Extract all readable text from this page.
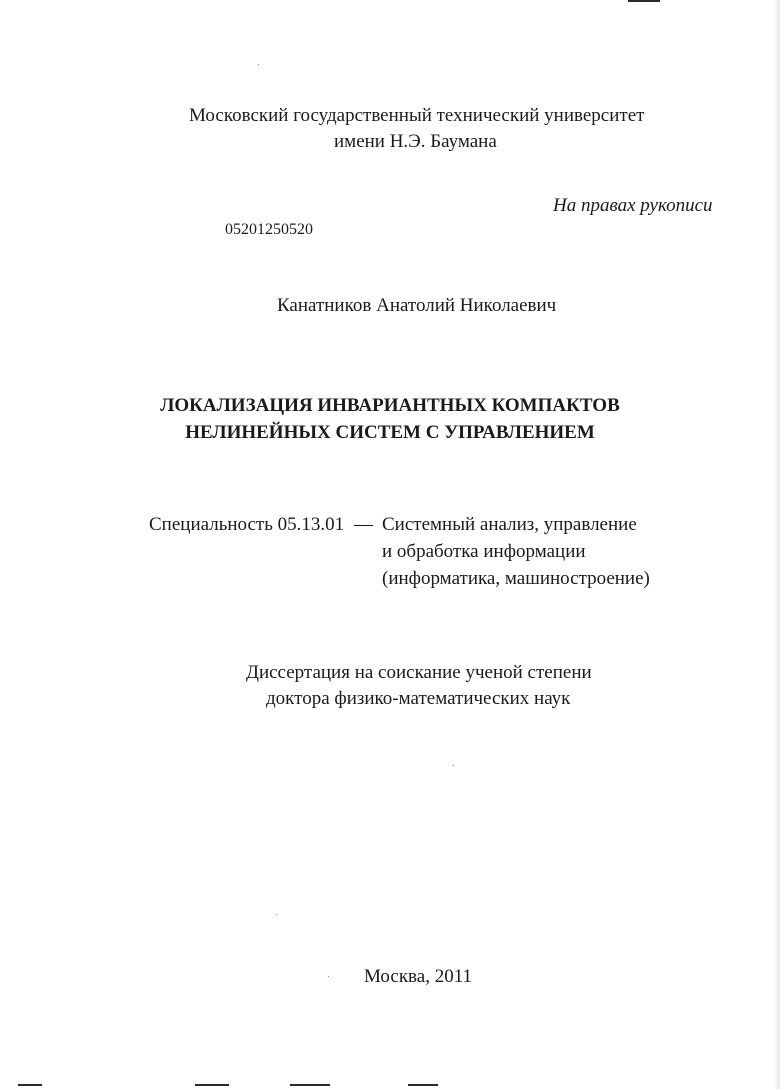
Московский государственный технический университет
имени Н.Э. Баумана
На правах рукописи
05201250520
Канатников Анатолий Николаевич
ЛОКАЛИЗАЦИЯ ИНВАРИАНТНЫХ КОМПАКТОВ
НЕЛИНЕЙНЫХ СИСТЕМ С УПРАВЛЕНИЕМ
Специальность 05.13.01 — Системный анализ, управление
и обработка информации
(информатика, машиностроение)
Диссертация на соискание ученой степени
доктора физико-математических наук
Москва, 2011
